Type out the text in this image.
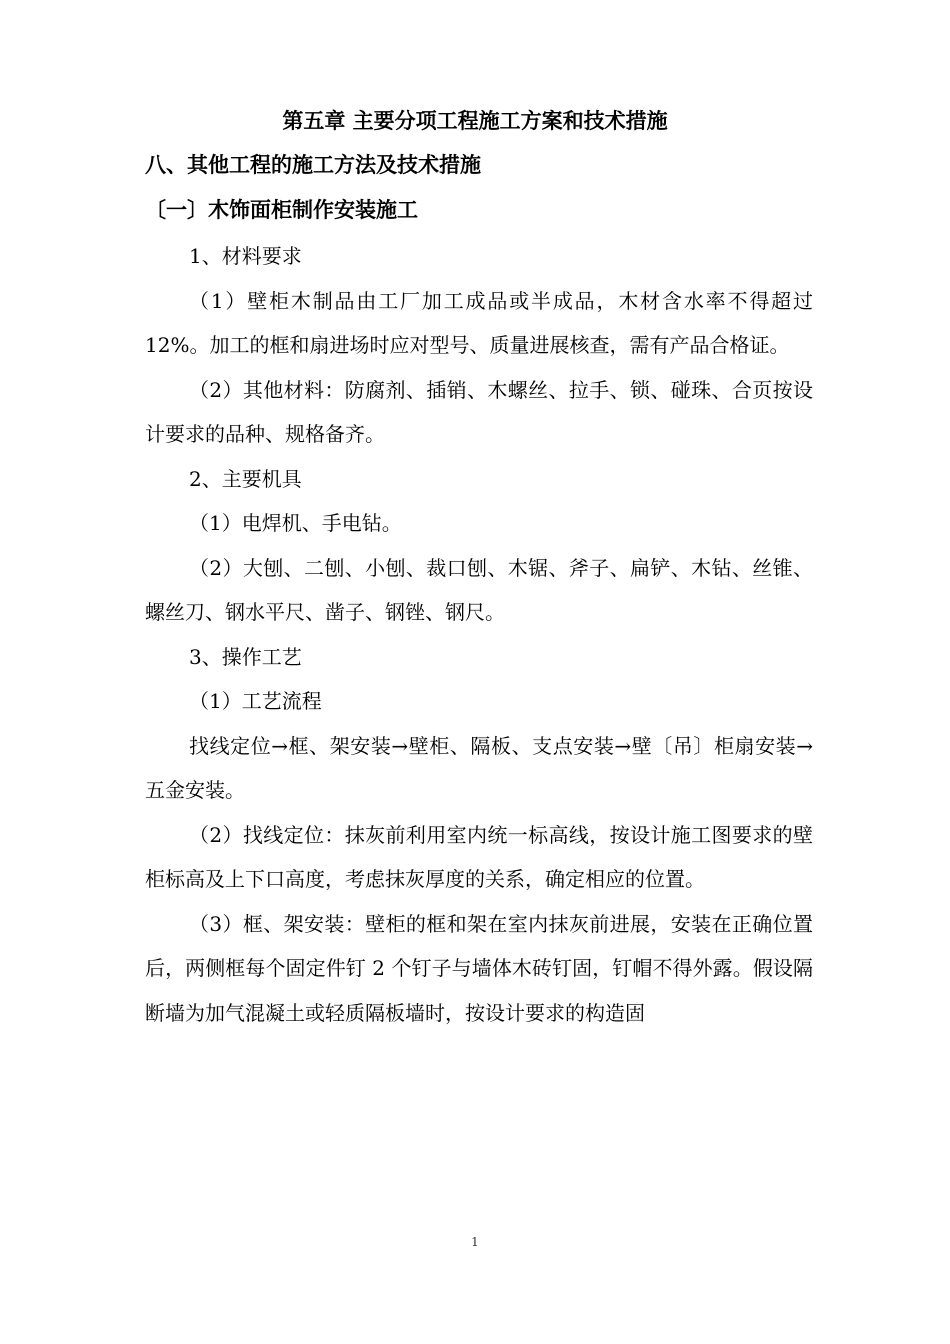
第五章 主要分项工程施工方案和技术措施
八、其他工程的施工方法及技术措施
〔一〕木饰面柜制作安装施工

1、材料要求

（1）壁柜木制品由工厂加工成品或半成品，木材含水率不得超过 12%。加工的框和扇进场时应对型号、质量进展核查，需有产品合格证。

（2）其他材料：防腐剂、插销、木螺丝、拉手、锁、碰珠、合页按设计要求的品种、规格备齐。

2、主要机具

（1）电焊机、手电钻。

（2）大刨、二刨、小刨、裁口刨、木锯、斧子、扁铲、木钻、丝锥、螺丝刀、钢水平尺、凿子、钢锉、钢尺。

3、操作工艺

（1）工艺流程

找线定位→框、架安装→壁柜、隔板、支点安装→壁〔吊〕柜扇安装→五金安装。

（2）找线定位：抹灰前利用室内统一标高线，按设计施工图要求的壁柜标高及上下口高度，考虑抹灰厚度的关系，确定相应的位置。

（3）框、架安装：壁柜的框和架在室内抹灰前进展，安装在正确位置后，两侧框每个固定件钉 2 个钉子与墙体木砖钉固，钉帽不得外露。假设隔断墙为加气混凝土或轻质隔板墙时，按设计要求的构造固

1
